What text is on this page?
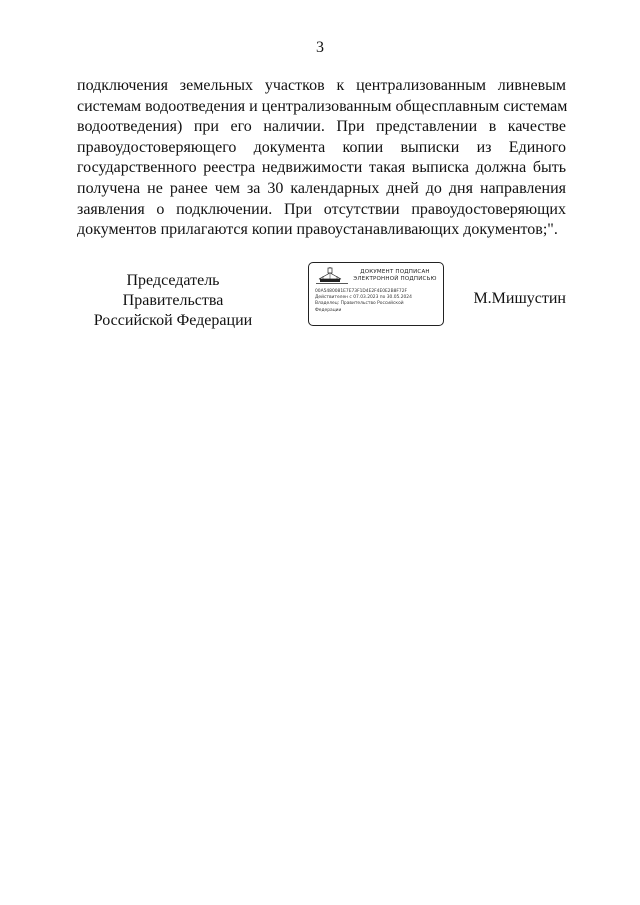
3
подключения земельных участков к централизованным ливневым
системам водоотведения и централизованным общесплавным системам
водоотведения) при его наличии. При представлении в качестве
правоудостоверяющего документа копии выписки из Единого
государственного реестра недвижимости такая выписка должна быть
получена не ранее чем за 30 календарных дней до дня направления
заявления о подключении. При отсутствии правоудостоверяющих
документов прилагаются копии правоустанавливающих документов;".
Председатель Правительства
Российской Федерации
ДОКУМЕНТ ПОДПИСАН
ЭЛЕКТРОННОЙ ПОДПИСЬЮ
00A5480081E7E73F1D4E2F4E0E2B8F72F
Действителен с 07.03.2023 по 30.05.2024
Владелец: Правительство Российской
Федерации
М.Мишустин
